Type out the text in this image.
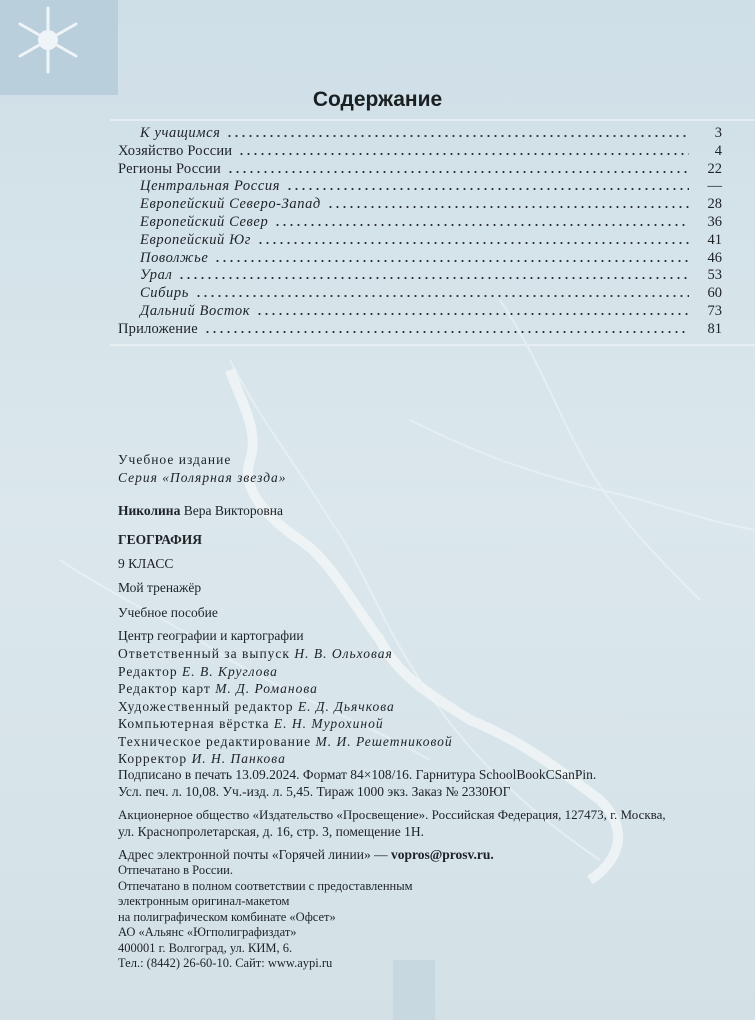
Содержание
К учащимся	3
Хозяйство России	4
Регионы России	22
Центральная Россия	—
Европейский Северо-Запад	28
Европейский Север	36
Европейский Юг	41
Поволжье	46
Урал	53
Сибирь	60
Дальний Восток	73
Приложение	81
Учебное издание
Серия «Полярная звезда»
Николина Вера Викторовна
ГЕОГРАФИЯ
9 КЛАСС
Мой тренажёр
Учебное пособие
Центр географии и картографии
Ответственный за выпуск Н. В. Ольховая
Редактор Е. В. Круглова
Редактор карт М. Д. Романова
Художественный редактор Е. Д. Дьячкова
Компьютерная вёрстка Е. Н. Мурохиной
Техническое редактирование М. И. Решетниковой
Корректор И. Н. Панкова
Подписано в печать 13.09.2024. Формат 84×108/16. Гарнитура SchoolBookCSanPin.
Усл. печ. л. 10,08. Уч.-изд. л. 5,45. Тираж 1000 экз. Заказ № 2330ЮГ
Акционерное общество «Издательство «Просвещение». Российская Федерация, 127473, г. Москва,
ул. Краснопролетарская, д. 16, стр. 3, помещение 1Н.
Адрес электронной почты «Горячей линии» — vopros@prosv.ru.
Отпечатано в России.
Отпечатано в полном соответствии с предоставленным
электронным оригинал-макетом
на полиграфическом комбинате «Офсет»
АО «Альянс «Югполиграфиздат»
400001 г. Волгоград, ул. КИМ, 6.
Тел.: (8442) 26-60-10. Сайт: www.aypi.ru
